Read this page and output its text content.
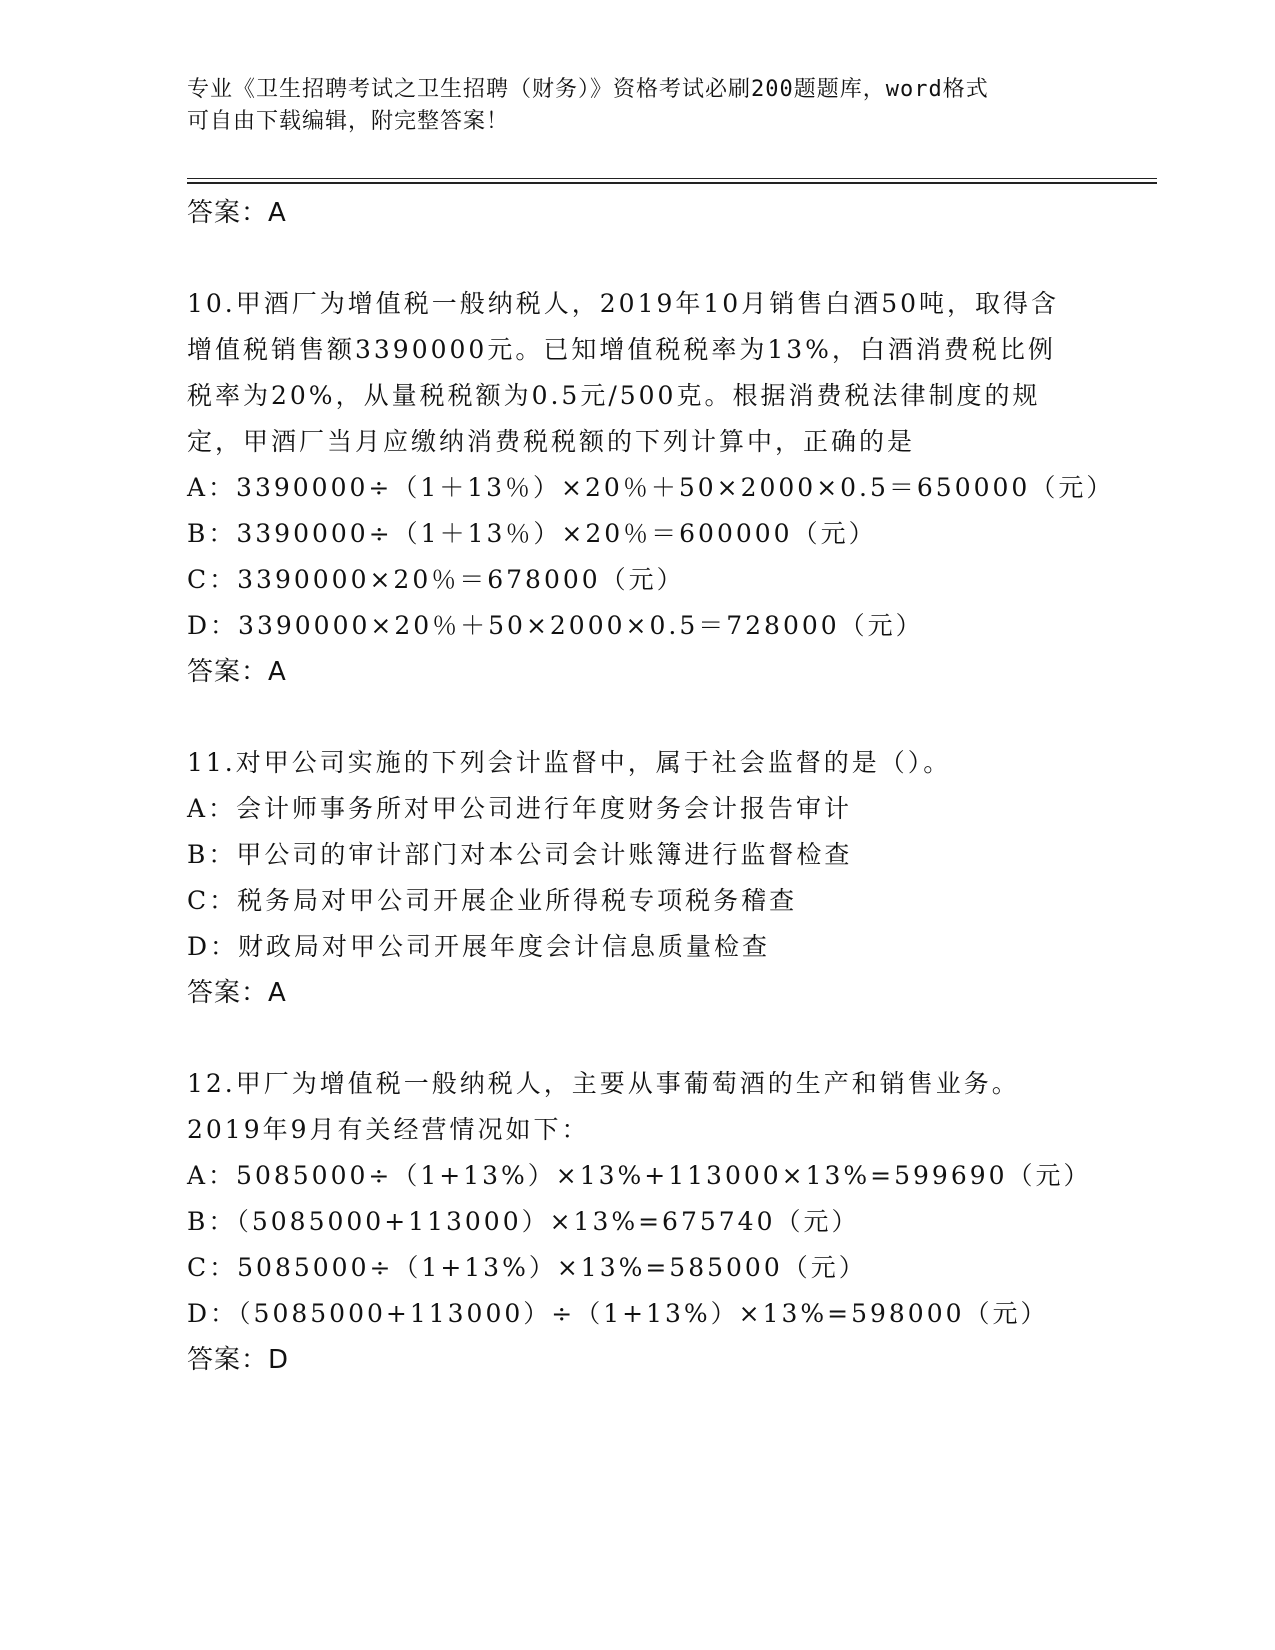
专业《卫生招聘考试之卫生招聘（财务）》资格考试必刷200题题库，word格式
可自由下载编辑，附完整答案！
答案：A
10.甲酒厂为增值税一般纳税人，2019年10月销售白酒50吨，取得含
增值税销售额3390000元。已知增值税税率为13%，白酒消费税比例
税率为20%，从量税税额为0.5元/500克。根据消费税法律制度的规
定，甲酒厂当月应缴纳消费税税额的下列计算中，正确的是
A：3390000÷（1＋13％）×20％＋50×2000×0.5＝650000（元）
B：3390000÷（1＋13％）×20％＝600000（元）
C：3390000×20％＝678000（元）
D：3390000×20％＋50×2000×0.5＝728000（元）
答案：A
11.对甲公司实施的下列会计监督中，属于社会监督的是（）。
A：会计师事务所对甲公司进行年度财务会计报告审计
B：甲公司的审计部门对本公司会计账簿进行监督检查
C：税务局对甲公司开展企业所得税专项税务稽查
D：财政局对甲公司开展年度会计信息质量检查
答案：A
12.甲厂为增值税一般纳税人，主要从事葡萄酒的生产和销售业务。
2019年9月有关经营情况如下：
A：5085000÷（1+13%）×13%+113000×13%=599690（元）
B：（5085000+113000）×13%=675740（元）
C：5085000÷（1+13%）×13%=585000（元）
D：（5085000+113000）÷（1+13%）×13%=598000（元）
答案：D
